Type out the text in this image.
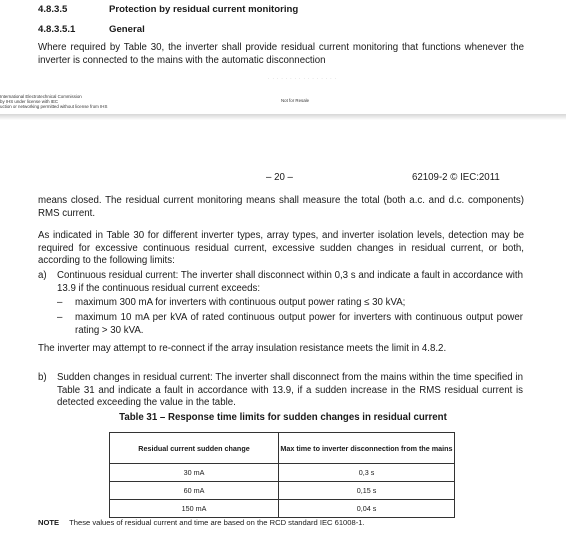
4.8.3.5	Protection by residual current monitoring
4.8.3.5.1	General
Where required by Table 30, the inverter shall provide residual current monitoring that functions whenever the inverter is connected to the mains with the automatic disconnection
· · · · · · · · · · · · · · · ·
International Electrotechnical Commission
by IHS under license with IEC
uction or networking permitted without license from IHS
Not for Resale
– 20 –	62109-2 © IEC:2011
means closed. The residual current monitoring means shall measure the total (both a.c. and d.c. components) RMS current.
As indicated in Table 30 for different inverter types, array types, and inverter isolation levels, detection may be required for excessive continuous residual current, excessive sudden changes in residual current, or both, according to the following limits:
a) Continuous residual current: The inverter shall disconnect within 0,3 s and indicate a fault in accordance with 13.9 if the continuous residual current exceeds:
– maximum 300 mA for inverters with continuous output power rating ≤ 30 kVA;
– maximum 10 mA per kVA of rated continuous output power for inverters with continuous output power rating > 30 kVA.
The inverter may attempt to re-connect if the array insulation resistance meets the limit in 4.8.2.
b) Sudden changes in residual current: The inverter shall disconnect from the mains within the time specified in Table 31 and indicate a fault in accordance with 13.9, if a sudden increase in the RMS residual current is detected exceeding the value in the table.
Table 31 – Response time limits for sudden changes in residual current
Residual current sudden change	Max time to inverter disconnection from the mains
30 mA	0,3 s
60 mA	0,15 s
150 mA	0,04 s
NOTE These values of residual current and time are based on the RCD standard IEC 61008-1.
